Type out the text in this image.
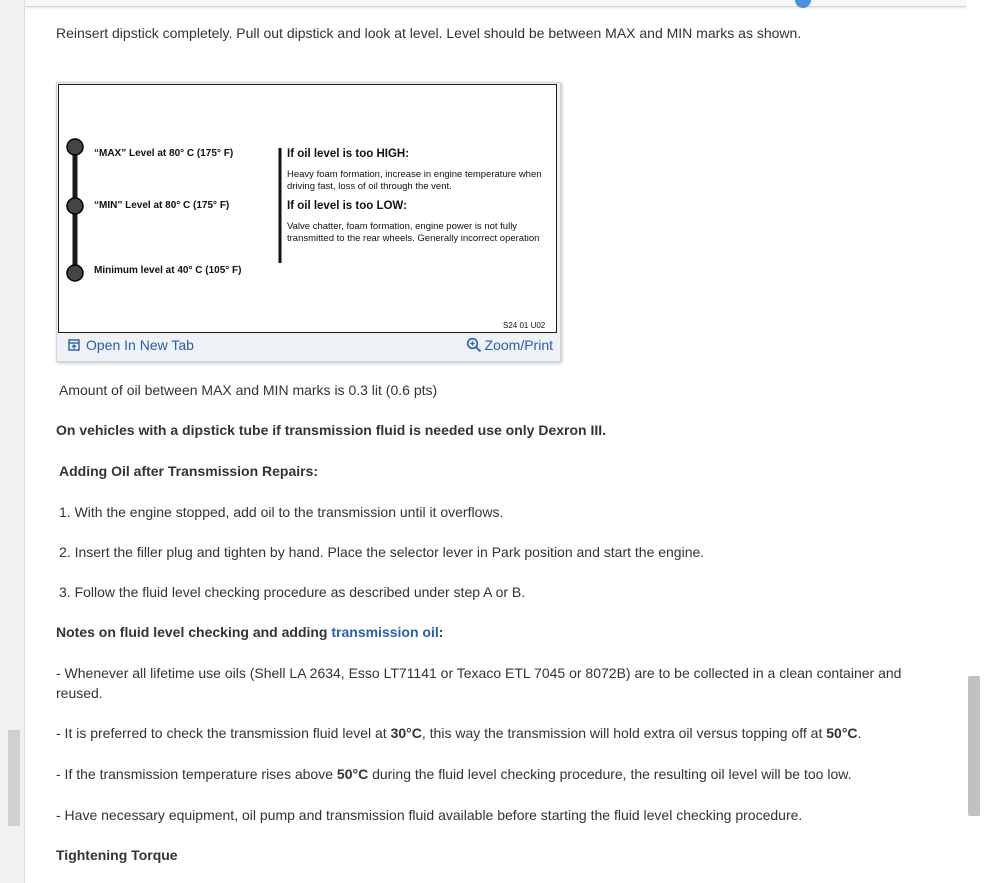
Reinsert dipstick completely. Pull out dipstick and look at level. Level should be between MAX and MIN marks as shown.
“MAX” Level at 80° C (175° F)
“MIN” Level at 80° C (175° F)
Minimum level at 40° C (105° F)
If oil level is too HIGH:
Heavy foam formation, increase in engine temperature when driving fast, loss of oil through the vent.
If oil level is too LOW:
Valve chatter, foam formation, engine power is not fully transmitted to the rear wheels. Generally incorrect operation
S24 01 U02
Open In New Tab	Zoom/Print
Amount of oil between MAX and MIN marks is 0.3 lit (0.6 pts)
On vehicles with a dipstick tube if transmission fluid is needed use only Dexron III.
Adding Oil after Transmission Repairs:
1. With the engine stopped, add oil to the transmission until it overflows.
2. Insert the filler plug and tighten by hand. Place the selector lever in Park position and start the engine.
3. Follow the fluid level checking procedure as described under step A or B.
Notes on fluid level checking and adding transmission oil:
- Whenever all lifetime use oils (Shell LA 2634, Esso LT71141 or Texaco ETL 7045 or 8072B) are to be collected in a clean container and reused.
- It is preferred to check the transmission fluid level at 30°C, this way the transmission will hold extra oil versus topping off at 50°C.
- If the transmission temperature rises above 50°C during the fluid level checking procedure, the resulting oil level will be too low.
- Have necessary equipment, oil pump and transmission fluid available before starting the fluid level checking procedure.
Tightening Torque
